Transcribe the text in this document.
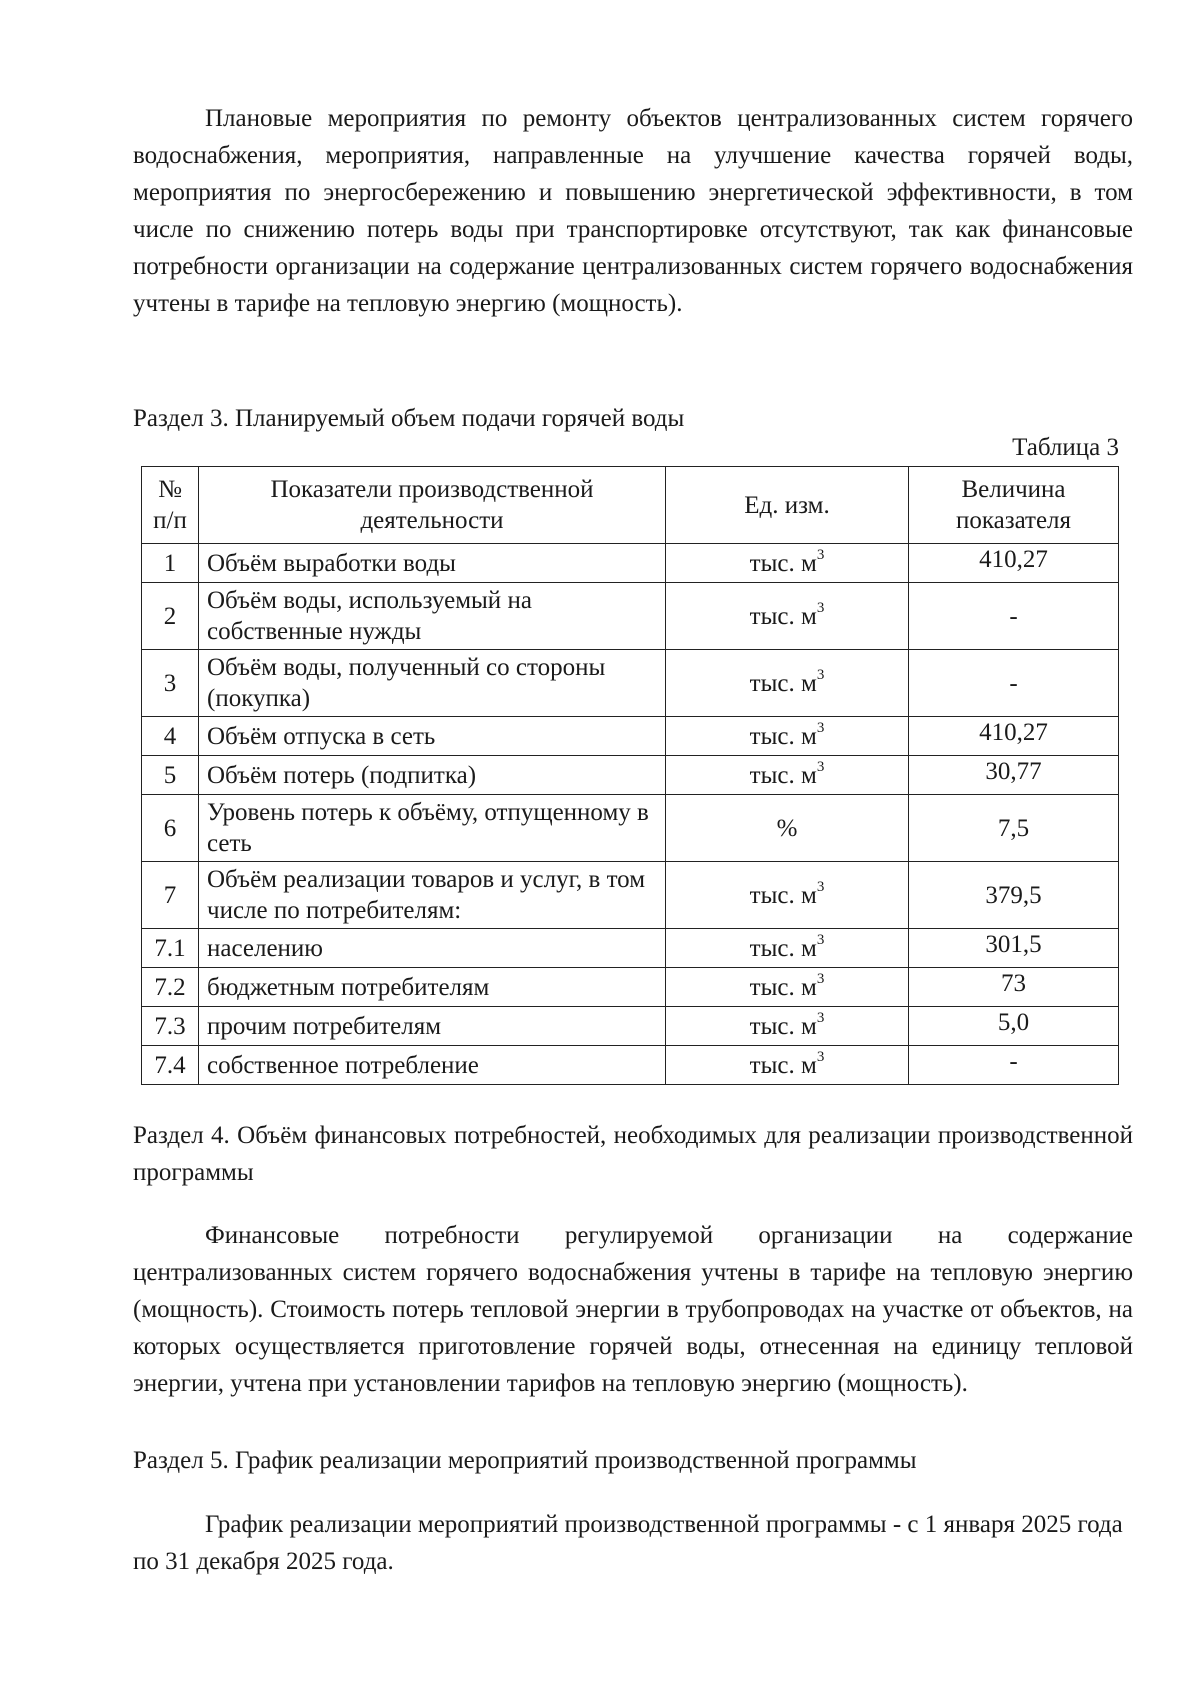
Плановые мероприятия по ремонту объектов централизованных систем горячего водоснабжения, мероприятия, направленные на улучшение качества горячей воды, мероприятия по энергосбережению и повышению энергетической эффективности, в том числе по снижению потерь воды при транспортировке отсутствуют, так как финансовые потребности организации на содержание централизованных систем горячего водоснабжения учтены в тарифе на тепловую энергию (мощность).

Раздел 3. Планируемый объем подачи горячей воды

Таблица 3

№ п/п	Показатели производственной деятельности	Ед. изм.	Величина показателя
1	Объём выработки воды	тыс. $м^3$	410,27
2	Объём воды, используемый на собственные нужды	тыс. $м^3$	-
3	Объём воды, полученный со стороны (покупка)	тыс. $м^3$	-
4	Объём отпуска в сеть	тыс. $м^3$	410,27
5	Объём потерь (подпитка)	тыс. $м^3$	30,77
6	Уровень потерь к объёму, отпущенному в сеть	%	7,5
7	Объём реализации товаров и услуг, в том числе по потребителям:	тыс. $м^3$	379,5
7.1	населению	тыс. $м^3$	301,5
7.2	бюджетным потребителям	тыс. $м^3$	73
7.3	прочим потребителям	тыс. $м^3$	5,0
7.4	собственное потребление	тыс. $м^3$	-

Раздел 4. Объём финансовых потребностей, необходимых для реализации производственной программы

Финансовые потребности регулируемой организации на содержание централизованных систем горячего водоснабжения учтены в тарифе на тепловую энергию (мощность). Стоимость потерь тепловой энергии в трубопроводах на участке от объектов, на которых осуществляется приготовление горячей воды, отнесенная на единицу тепловой энергии, учтена при установлении тарифов на тепловую энергию (мощность).

Раздел 5. График реализации мероприятий производственной программы

График реализации мероприятий производственной программы - с 1 января 2025 года по 31 декабря 2025 года.
